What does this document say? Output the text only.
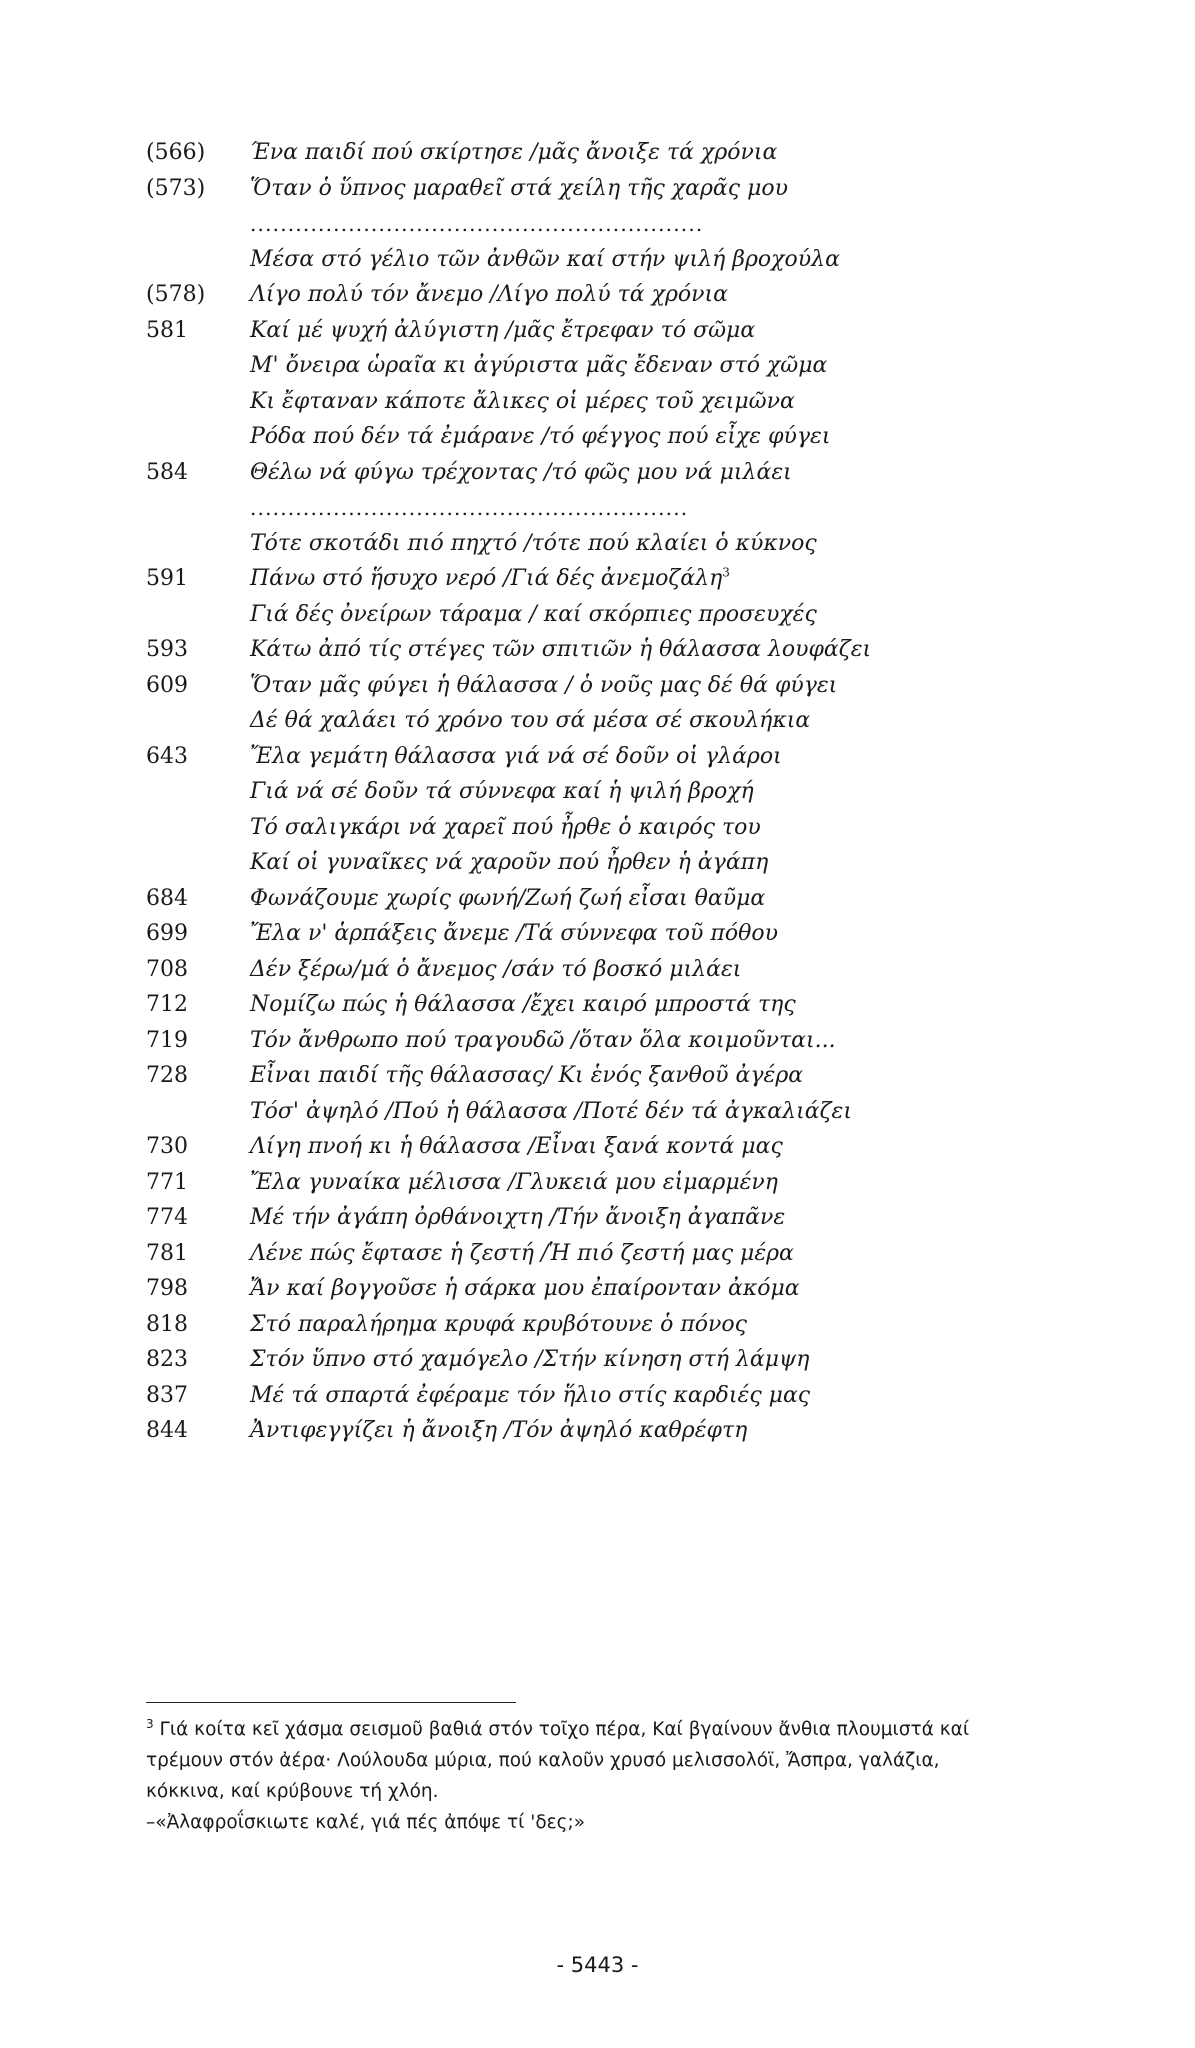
(566) Ένα παιδί πού σκίρτησε /μᾶς ἄνοιξε τά χρόνια
(573) Ὅταν ὁ ὕπνος μαραθεῖ στά χείλη τῆς χαρᾶς μου
............................................................
Μέσα στό γέλιο τῶν ἀνθῶν καί στήν ψιλή βροχούλα
(578) Λίγο πολύ τόν ἄνεμο /Λίγο πολύ τά χρόνια
581	Καί μέ ψυχή ἀλύγιστη /μᾶς ἔτρεφαν τό σῶμα
Μ' ὄνειρα ὡραῖα κι ἀγύριστα μᾶς ἔδεναν στό χῶμα
Κι ἔφταναν κάποτε ἄλικες οἱ μέρες τοῦ χειμῶνα
Ρόδα πού δέν τά ἐμάρανε /τό φέγγος πού εἶχε φύγει
584	Θέλω νά φύγω τρέχοντας /τό φῶς μου νά μιλάει
..........................................................
Τότε σκοτάδι πιό πηχτό /τότε πού κλαίει ὁ κύκνος
591	Πάνω στό ἥσυχο νερό /Γιά δές ἀνεμοζάλη$^3$
Γιά δές ὀνείρων τάραμα / καί σκόρπιες προσευχές
593	Κάτω ἀπό τίς στέγες τῶν σπιτιῶν ἡ θάλασσα λουφάζει
609	Ὅταν μᾶς φύγει ἡ θάλασσα / ὁ νοῦς μας δέ θά φύγει
Δέ θά χαλάει τό χρόνο του σά μέσα σέ σκουλήκια
643	Ἔλα γεμάτη θάλασσα γιά νά σέ δοῦν οἱ γλάροι
Γιά νά σέ δοῦν τά σύννεφα καί ἡ ψιλή βροχή
Τό σαλιγκάρι νά χαρεῖ πού ἦρθε ὁ καιρός του
Καί οἱ γυναῖκες νά χαροῦν πού ἦρθεν ἡ ἀγάπη
684	Φωνάζουμε χωρίς φωνή/Ζωή ζωή εἶσαι θαῦμα
699	Ἔλα ν' ἁρπάξεις ἄνεμε /Τά σύννεφα τοῦ πόθου
708	Δέν ξέρω/μά ὁ ἄνεμος /σάν τό βοσκό μιλάει
712	Νομίζω πώς ἡ θάλασσα /ἔχει καιρό μπροστά της
719	Τόν ἄνθρωπο πού τραγουδῶ /ὅταν ὅλα κοιμοῦνται...
728	Εἶναι παιδί τῆς θάλασσας/ Κι ἑνός ξανθοῦ ἀγέρα
Τόσ' ἀψηλό /Πού ἡ θάλασσα /Ποτέ δέν τά ἀγκαλιάζει
730	Λίγη πνοή κι ἡ θάλασσα /Εἶναι ξανά κοντά μας
771	Ἔλα γυναίκα μέλισσα /Γλυκειά μου εἱμαρμένη
774	Μέ τήν ἀγάπη ὀρθάνοιχτη /Τήν ἄνοιξη ἀγαπᾶνε
781	Λένε πώς ἔφτασε ἡ ζεστή /Ἡ πιό ζεστή μας μέρα
798	Ἄν καί βογγοῦσε ἡ σάρκα μου ἐπαίρονταν ἀκόμα
818	Στό παραλήρημα κρυφά κρυβότουνε ὁ πόνος
823	Στόν ὕπνο στό χαμόγελο /Στήν κίνηση στή λάμψη
837	Μέ τά σπαρτά ἐφέραμε τόν ἥλιο στίς καρδιές μας
844	Ἀντιφεγγίζει ἡ ἄνοιξη /Τόν ἀψηλό καθρέφτη
$^3$ Γιά κοίτα κεῖ χάσμα σεισμοῦ βαθιά στόν τοῖχο πέρα, Καί βγαίνουν ἄνθια πλουμιστά καί
τρέμουν στόν ἀέρα· Λούλουδα μύρια, πού καλοῦν χρυσό μελισσολόϊ, Ἄσπρα, γαλάζια,
κόκκινα, καί κρύβουνε τή χλόη.
–«Ἀλαφροΐσκιωτε καλέ, γιά πές ἀπόψε τί 'δες;»
- 5443 -
